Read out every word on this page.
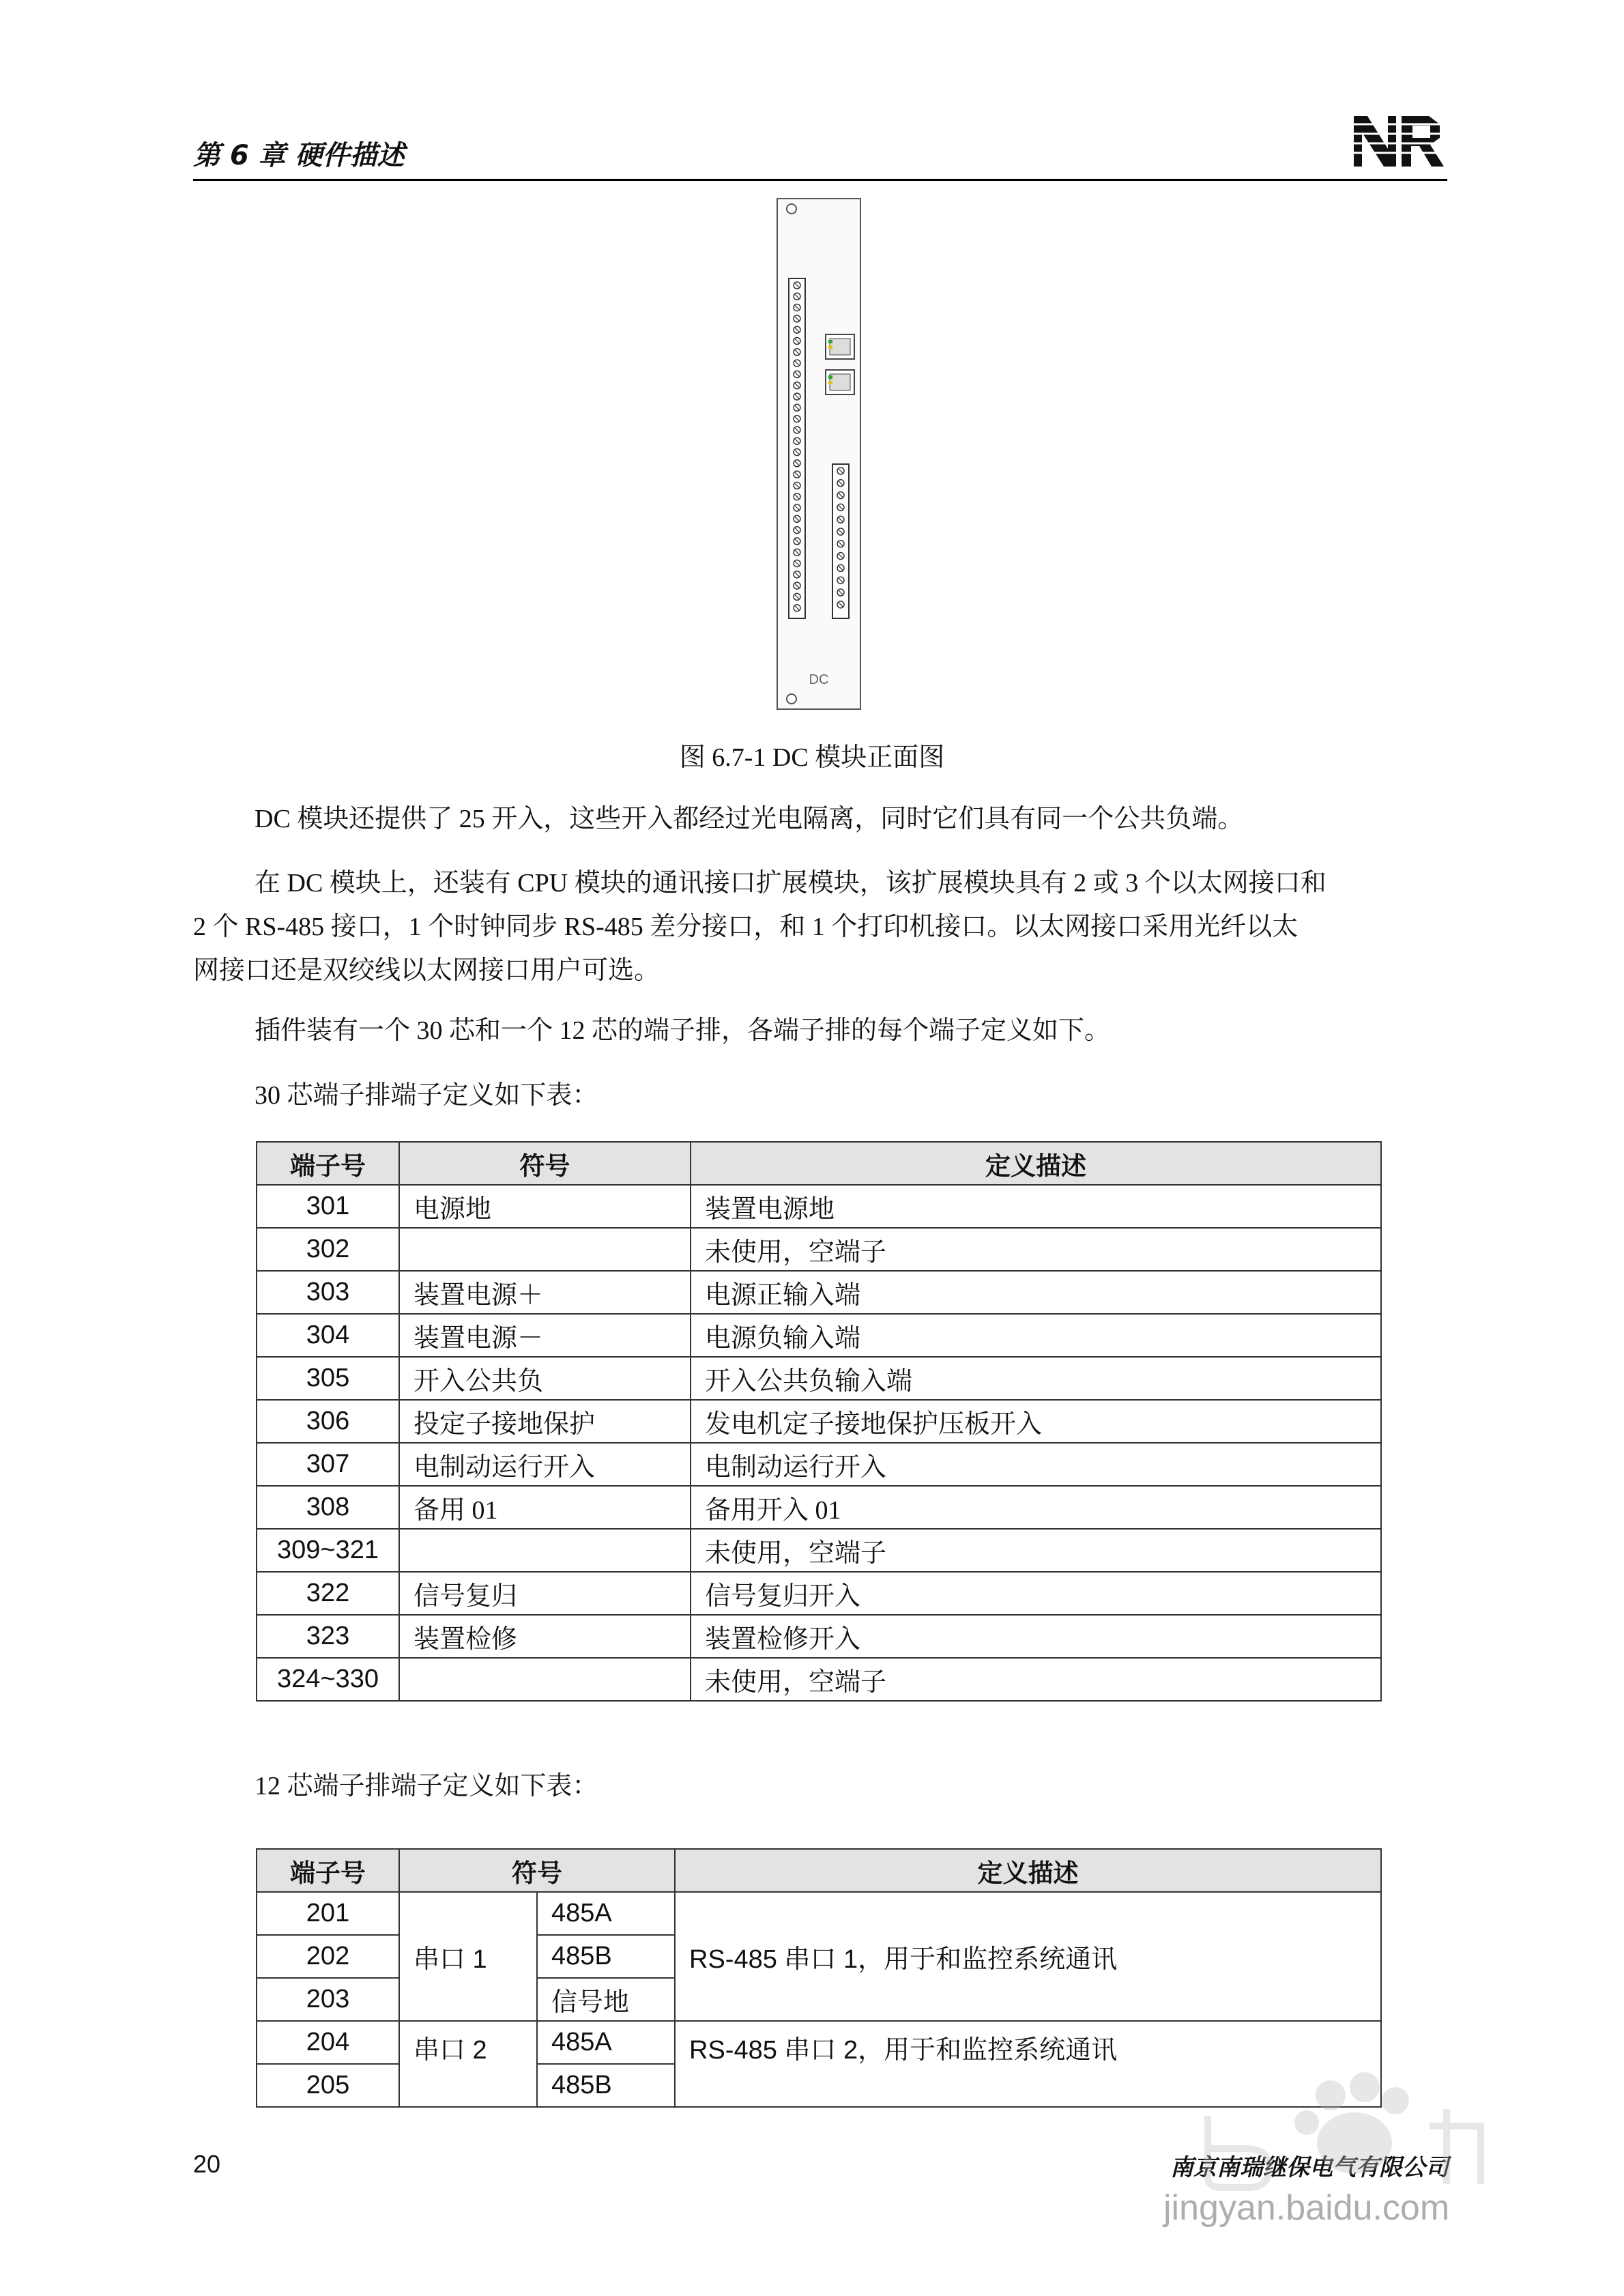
第 6 章 硬件描述
DC
图 6.7-1 DC 模块正面图
DC 模块还提供了 25 开入，这些开入都经过光电隔离，同时它们具有同一个公共负端。
在 DC 模块上，还装有 CPU 模块的通讯接口扩展模块，该扩展模块具有 2 或 3 个以太网接口和
2 个 RS-485 接口，1 个时钟同步 RS-485 差分接口，和 1 个打印机接口。以太网接口采用光纤以太
网接口还是双绞线以太网接口用户可选。
插件装有一个 30 芯和一个 12 芯的端子排，各端子排的每个端子定义如下。
30 芯端子排端子定义如下表：
端子号	符号	定义描述
301	电源地	装置电源地
302		未使用，空端子
303	装置电源＋	电源正输入端
304	装置电源－	电源负输入端
305	开入公共负	开入公共负输入端
306	投定子接地保护	发电机定子接地保护压板开入
307	电制动运行开入	电制动运行开入
308	备用 01	备用开入 01
309~321		未使用，空端子
322	信号复归	信号复归开入
323	装置检修	装置检修开入
324~330		未使用，空端子
12 芯端子排端子定义如下表：
端子号	符号		定义描述
201	串口 1	485A	RS-485 串口 1，用于和监控系统通讯
202		485B	
203		信号地	
204	串口 2	485A	RS-485 串口 2，用于和监控系统通讯
205		485B	
20	南京南瑞继保电气有限公司
jingyan.baidu.com
